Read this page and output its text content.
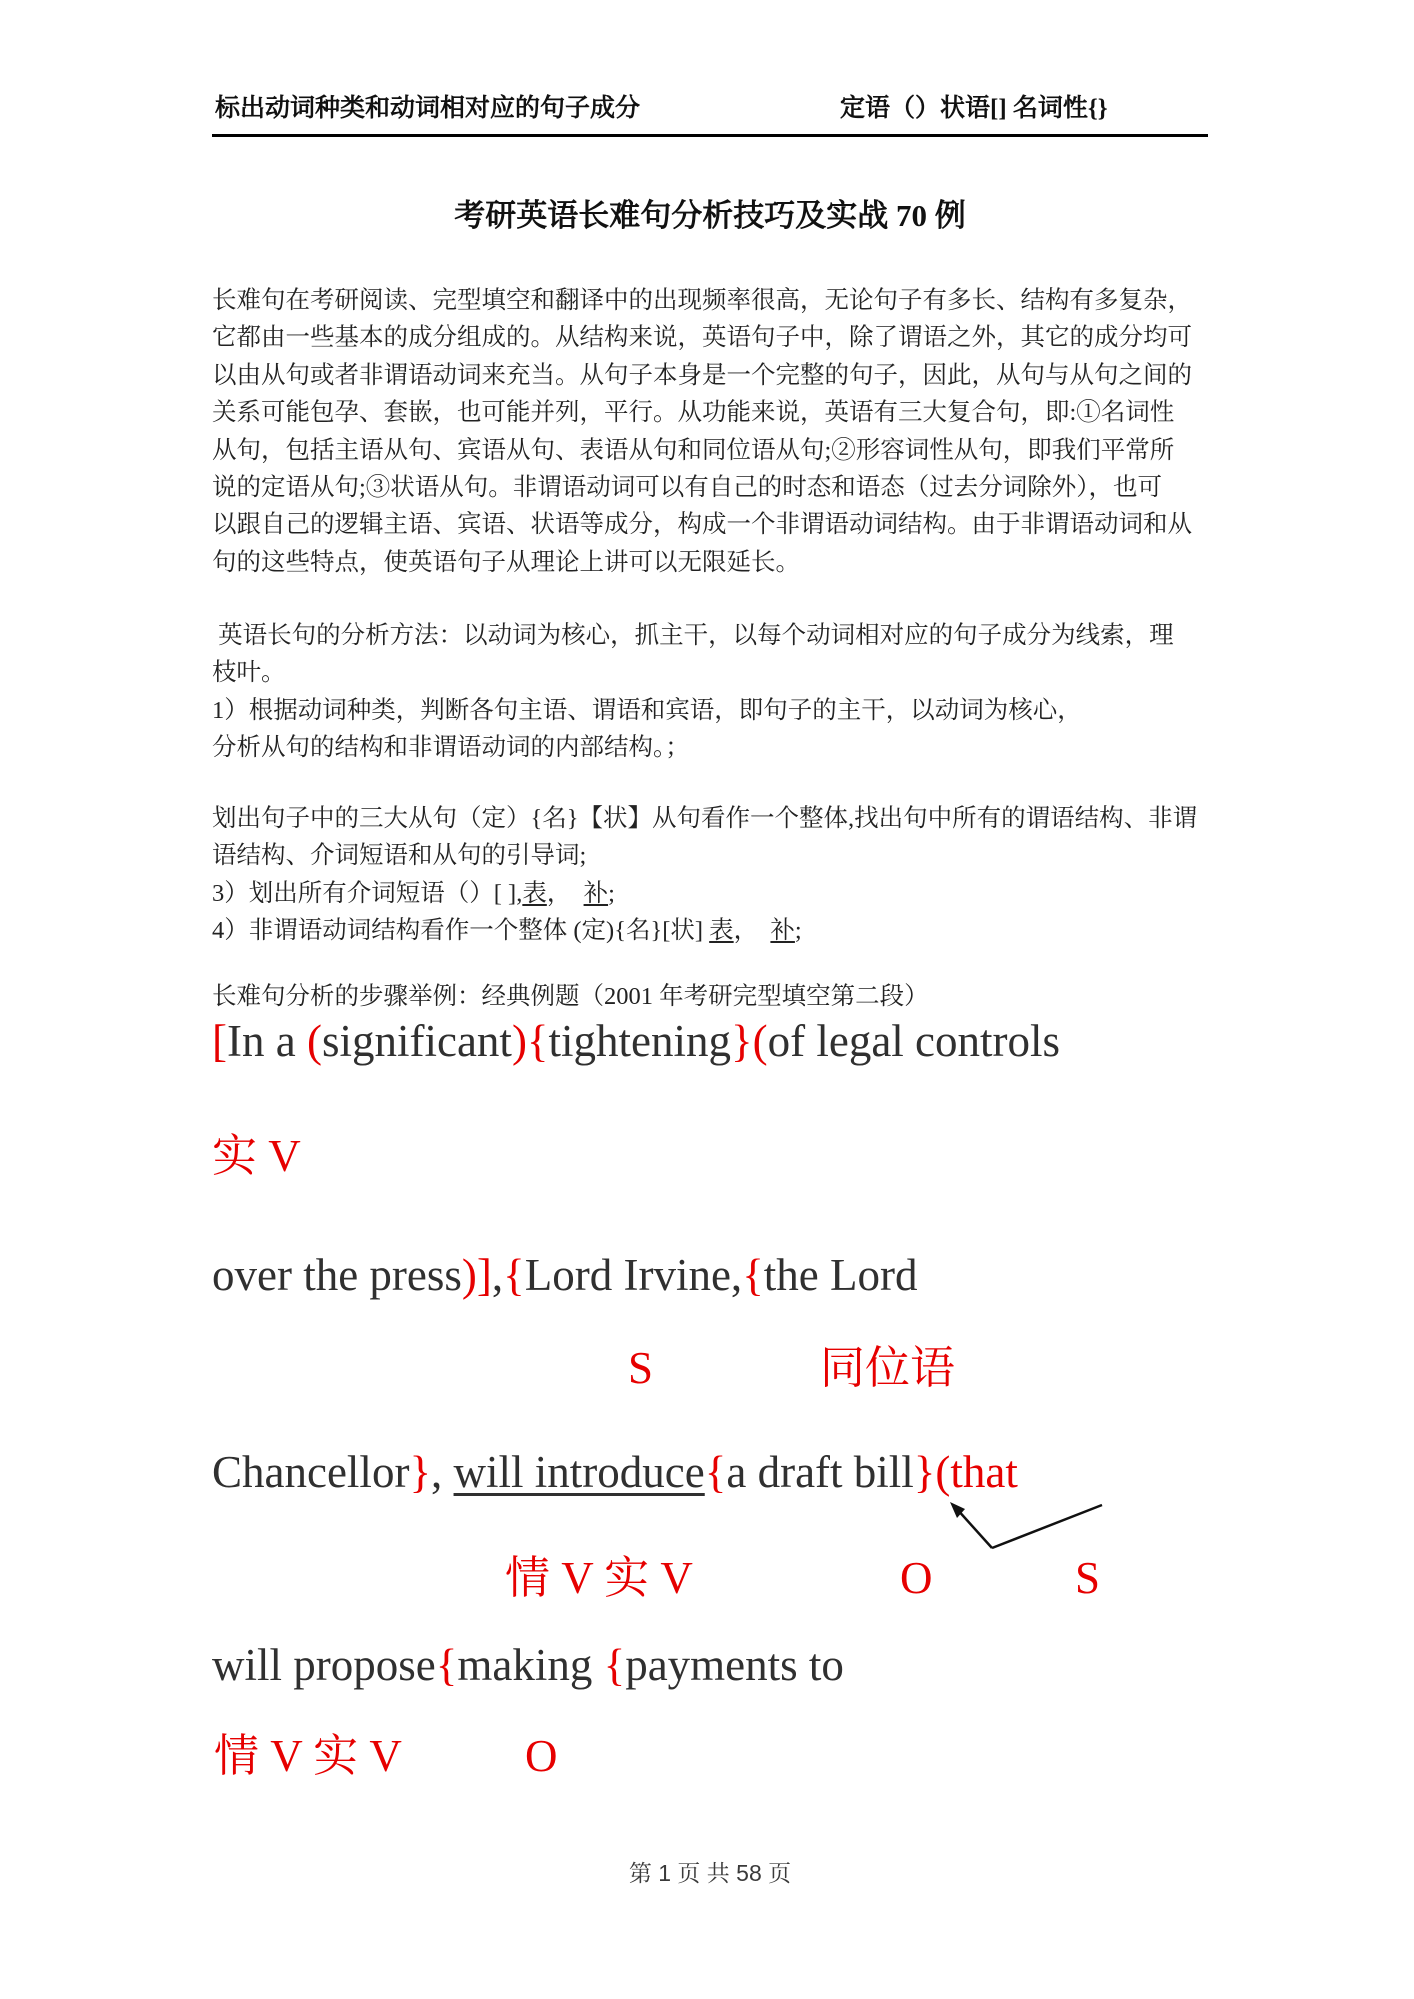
标出动词种类和动词相对应的句子成分	定语（）状语[] 名词性{}
考研英语长难句分析技巧及实战 70 例
长难句在考研阅读、完型填空和翻译中的出现频率很高，无论句子有多长、结构有多复杂，
它都由一些基本的成分组成的。从结构来说，英语句子中，除了谓语之外，其它的成分均可
以由从句或者非谓语动词来充当。从句子本身是一个完整的句子，因此，从句与从句之间的
关系可能包孕、套嵌，也可能并列，平行。从功能来说，英语有三大复合句，即:①名词性
从句，包括主语从句、宾语从句、表语从句和同位语从句;②形容词性从句，即我们平常所
说的定语从句;③状语从句。非谓语动词可以有自己的时态和语态（过去分词除外），也可
以跟自己的逻辑主语、宾语、状语等成分，构成一个非谓语动词结构。由于非谓语动词和从
句的这些特点，使英语句子从理论上讲可以无限延长。
英语长句的分析方法：以动词为核心，抓主干，以每个动词相对应的句子成分为线索，理
枝叶。
1）根据动词种类，判断各句主语、谓语和宾语，即句子的主干，以动词为核心，
分析从句的结构和非谓语动词的内部结构。；
划出句子中的三大从句（定）{名}【状】从句看作一个整体,找出句中所有的谓语结构、非谓
语结构、介词短语和从句的引导词;
3）划出所有介词短语（）[ ],表，  补;
4）非谓语动词结构看作一个整体 (定){名}[状] 表，  补;
长难句分析的步骤举例：经典例题（2001 年考研完型填空第二段）
[In a (significant){tightening}(of legal controls
实 V
over the press)],{Lord Irvine,{the Lord
S	同位语
Chancellor}, will introduce{a draft bill}(that
情 V 实 V	O	S
will propose{making {payments to
情 V 实 V	O
第 1 页 共 58 页
